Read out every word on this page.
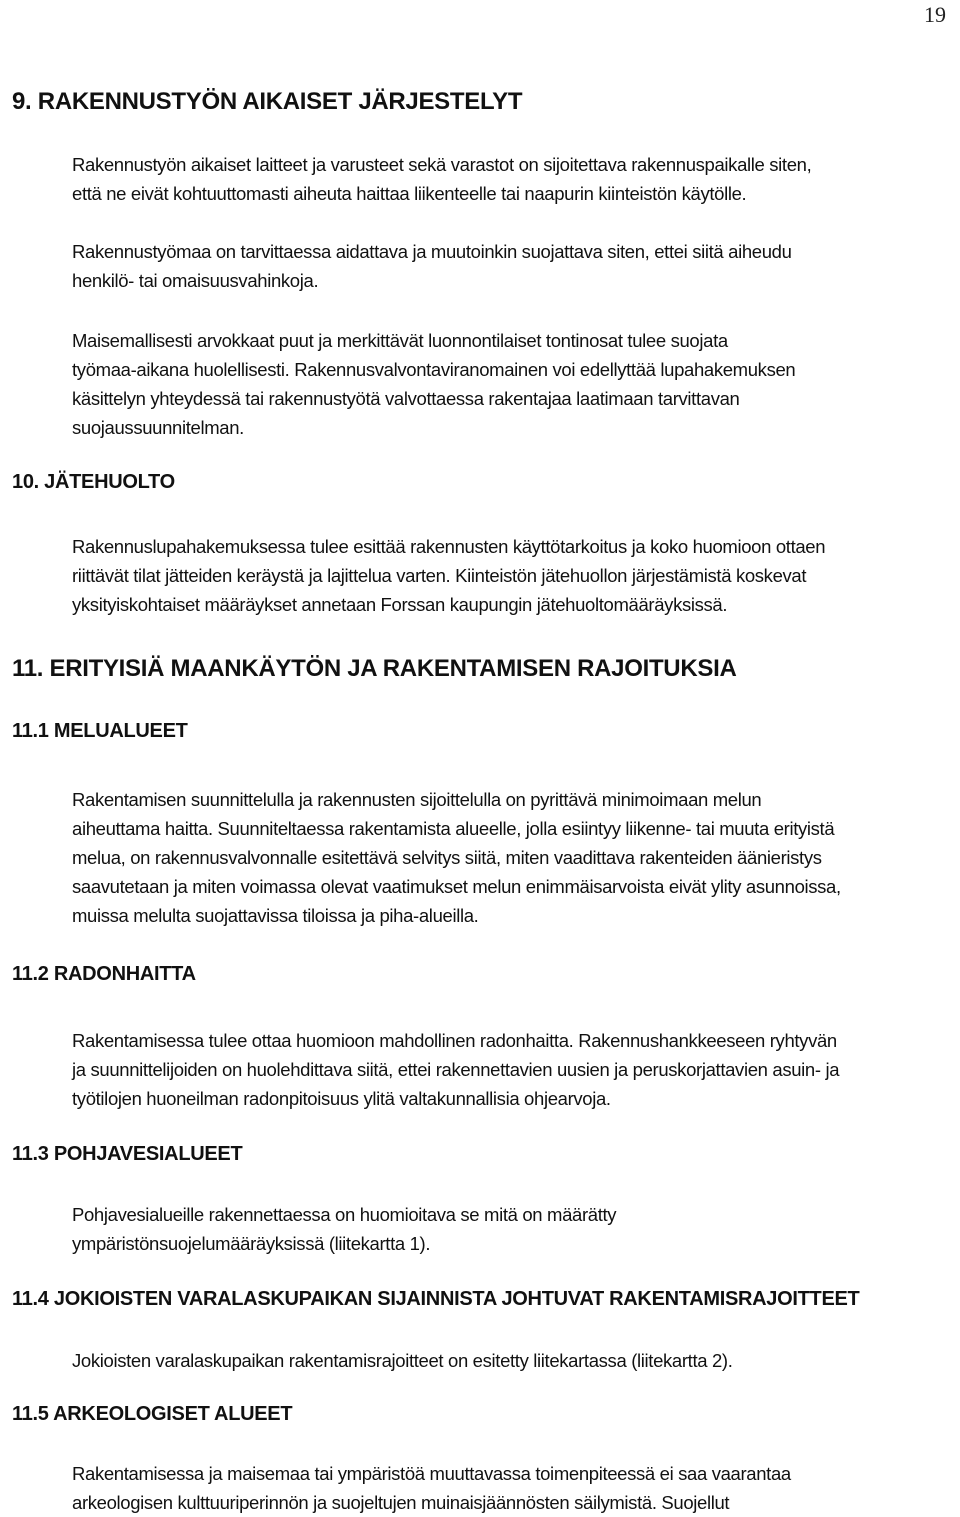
19
9. RAKENNUSTYÖN AIKAISET JÄRJESTELYT
Rakennustyön aikaiset laitteet ja varusteet sekä varastot on sijoitettava rakennuspaikalle siten,
että ne eivät kohtuuttomasti aiheuta haittaa liikenteelle tai naapurin kiinteistön käytölle.
Rakennustyömaa on tarvittaessa aidattava ja muutoinkin suojattava siten, ettei siitä aiheudu
henkilö- tai omaisuusvahinkoja.
Maisemallisesti arvokkaat puut ja merkittävät luonnontilaiset tontinosat tulee suojata
työmaa-aikana huolellisesti. Rakennusvalvontaviranomainen voi edellyttää lupahakemuksen
käsittelyn yhteydessä tai rakennustyötä valvottaessa rakentajaa laatimaan tarvittavan
suojaussuunnitelman.
10. JÄTEHUOLTO
Rakennuslupahakemuksessa tulee esittää rakennusten käyttötarkoitus ja koko huomioon ottaen
riittävät tilat jätteiden keräystä ja lajittelua varten. Kiinteistön jätehuollon järjestämistä koskevat
yksityiskohtaiset määräykset annetaan Forssan kaupungin jätehuoltomääräyksissä.
11. ERITYISIÄ MAANKÄYTÖN JA RAKENTAMISEN RAJOITUKSIA
11.1 MELUALUEET
Rakentamisen suunnittelulla ja rakennusten sijoittelulla on pyrittävä minimoimaan melun
aiheuttama haitta. Suunniteltaessa rakentamista alueelle, jolla esiintyy liikenne- tai muuta erityistä
melua, on rakennusvalvonnalle esitettävä selvitys siitä, miten vaadittava rakenteiden äänieristys
saavutetaan ja miten voimassa olevat vaatimukset melun enimmäisarvoista eivät ylity asunnoissa,
muissa melulta suojattavissa tiloissa ja piha-alueilla.
11.2 RADONHAITTA
Rakentamisessa tulee ottaa huomioon mahdollinen radonhaitta. Rakennushankkeeseen ryhtyvän
ja suunnittelijoiden on huolehdittava siitä, ettei rakennettavien uusien ja peruskorjattavien asuin- ja
työtilojen huoneilman radonpitoisuus ylitä valtakunnallisia ohjearvoja.
11.3 POHJAVESIALUEET
Pohjavesialueille rakennettaessa on huomioitava se mitä on määrätty
ympäristönsuojelumääräyksissä (liitekartta 1).
11.4 JOKIOISTEN VARALASKUPAIKAN SIJAINNISTA JOHTUVAT RAKENTAMISRAJOITTEET
Jokioisten varalaskupaikan rakentamisrajoitteet on esitetty liitekartassa (liitekartta 2).
11.5 ARKEOLOGISET ALUEET
Rakentamisessa ja maisemaa tai ympäristöä muuttavassa toimenpiteessä ei saa vaarantaa
arkeologisen kulttuuriperinnön ja suojeltujen muinaisjäännösten säilymistä. Suojellut
